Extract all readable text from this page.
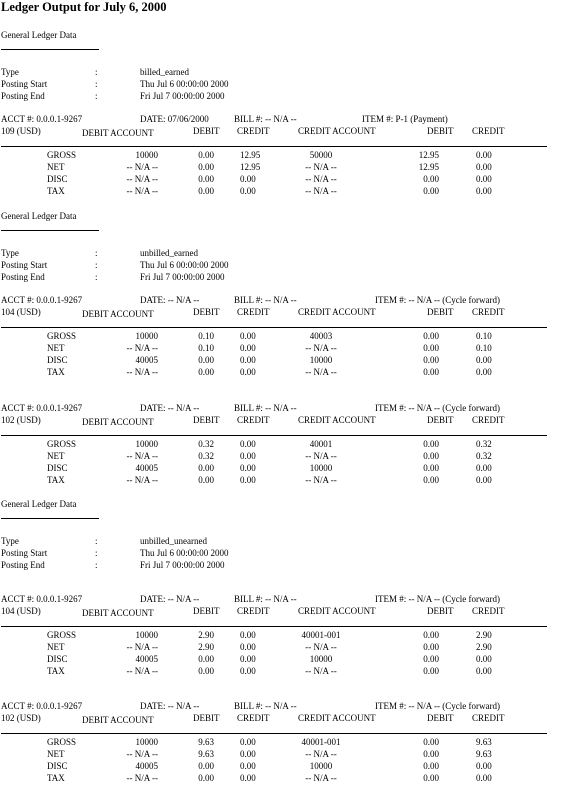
Ledger Output for July 6, 2000
General Ledger Data
Type	:	billed_earned
Posting Start	:	Thu Jul 6 00:00:00 2000
Posting End	:	Fri Jul 7 00:00:00 2000
ACCT #: 0.0.0.1-9267	DATE: 07/06/2000	BILL #: -- N/A --	ITEM #: P-1 (Payment)
109 (USD)	DEBIT ACCOUNT	DEBIT CREDIT	CREDIT ACCOUNT	DEBIT CREDIT
GROSS	10000	0.00	12.95	50000	12.95	0.00
NET	-- N/A --	0.00	12.95	-- N/A --	12.95	0.00
DISC	-- N/A --	0.00	0.00	-- N/A --	0.00	0.00
TAX	-- N/A --	0.00	0.00	-- N/A --	0.00	0.00
General Ledger Data
Type	:	unbilled_earned
Posting Start	:	Thu Jul 6 00:00:00 2000
Posting End	:	Fri Jul 7 00:00:00 2000
ACCT #: 0.0.0.1-9267	DATE: -- N/A --	BILL #: -- N/A --	ITEM #: -- N/A -- (Cycle forward)
104 (USD)	DEBIT ACCOUNT	DEBIT CREDIT	CREDIT ACCOUNT	DEBIT CREDIT
GROSS	10000	0.10	0.00	40003	0.00	0.10
NET	-- N/A --	0.10	0.00	-- N/A --	0.00	0.10
DISC	40005	0.00	0.00	10000	0.00	0.00
TAX	-- N/A --	0.00	0.00	-- N/A --	0.00	0.00
ACCT #: 0.0.0.1-9267	DATE: -- N/A --	BILL #: -- N/A --	ITEM #: -- N/A -- (Cycle forward)
102 (USD)	DEBIT ACCOUNT	DEBIT CREDIT	CREDIT ACCOUNT	DEBIT CREDIT
GROSS	10000	0.32	0.00	40001	0.00	0.32
NET	-- N/A --	0.32	0.00	-- N/A --	0.00	0.32
DISC	40005	0.00	0.00	10000	0.00	0.00
TAX	-- N/A --	0.00	0.00	-- N/A --	0.00	0.00
General Ledger Data
Type	:	unbilled_unearned
Posting Start	:	Thu Jul 6 00:00:00 2000
Posting End	:	Fri Jul 7 00:00:00 2000
ACCT #: 0.0.0.1-9267	DATE: -- N/A --	BILL #: -- N/A --	ITEM #: -- N/A -- (Cycle forward)
104 (USD)	DEBIT ACCOUNT	DEBIT CREDIT	CREDIT ACCOUNT	DEBIT CREDIT
GROSS	10000	2.90	0.00	40001-001	0.00	2.90
NET	-- N/A --	2.90	0.00	-- N/A --	0.00	2.90
DISC	40005	0.00	0.00	10000	0.00	0.00
TAX	-- N/A --	0.00	0.00	-- N/A --	0.00	0.00
ACCT #: 0.0.0.1-9267	DATE: -- N/A --	BILL #: -- N/A --	ITEM #: -- N/A -- (Cycle forward)
102 (USD)	DEBIT ACCOUNT	DEBIT CREDIT	CREDIT ACCOUNT	DEBIT CREDIT
GROSS	10000	9.63	0.00	40001-001	0.00	9.63
NET	-- N/A --	9.63	0.00	-- N/A --	0.00	9.63
DISC	40005	0.00	0.00	10000	0.00	0.00
TAX	-- N/A --	0.00	0.00	-- N/A --	0.00	0.00
